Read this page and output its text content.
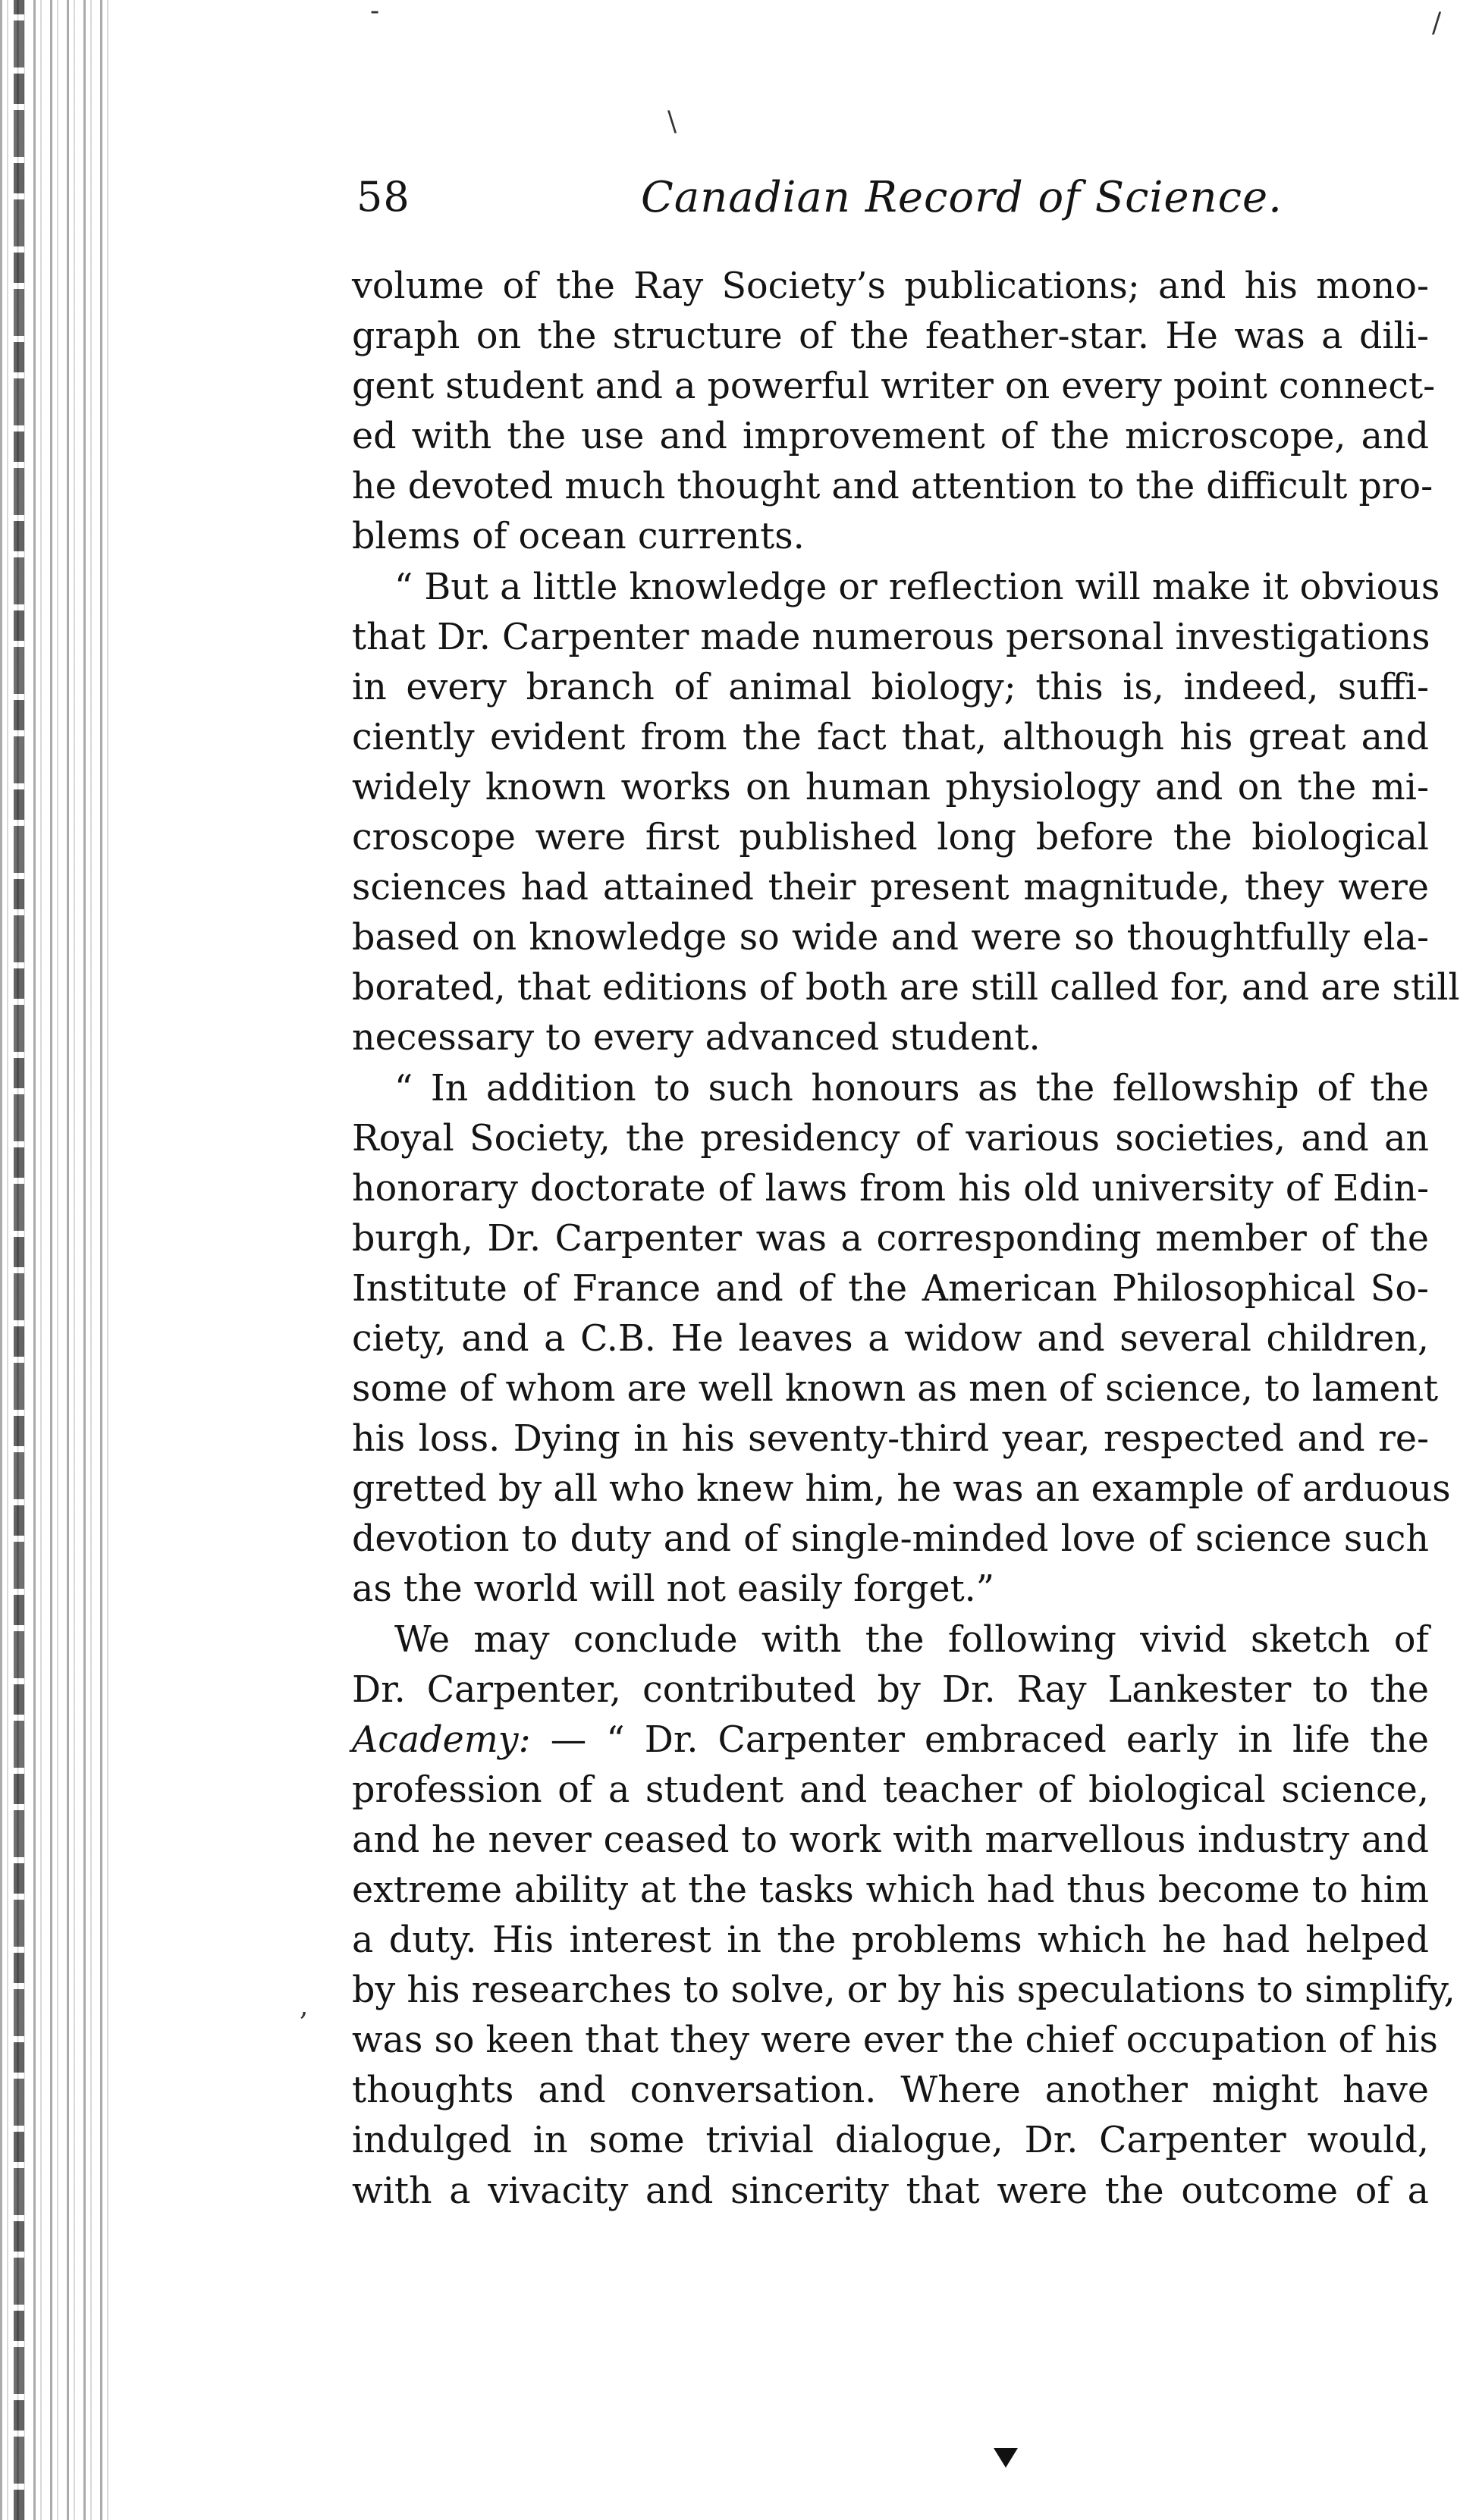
-	/
\
,
58	Canadian Record of Science.
volume of the Ray Society’s publications; and his mono-
graph on the structure of the feather-star. He was a dili-
gent student and a powerful writer on every point connect-
ed with the use and improvement of the microscope, and
he devoted much thought and attention to the difficult pro-
blems of ocean currents.
“ But a little knowledge or reflection will make it obvious
that Dr. Carpenter made numerous personal investigations
in every branch of animal biology; this is, indeed, suffi-
ciently evident from the fact that, although his great and
widely known works on human physiology and on the mi-
croscope were first published long before the biological
sciences had attained their present magnitude, they were
based on knowledge so wide and were so thoughtfully ela-
borated, that editions of both are still called for, and are still
necessary to every advanced student.
“ In addition to such honours as the fellowship of the
Royal Society, the presidency of various societies, and an
honorary doctorate of laws from his old university of Edin-
burgh, Dr. Carpenter was a corresponding member of the
Institute of France and of the American Philosophical So-
ciety, and a C.B. He leaves a widow and several children,
some of whom are well known as men of science, to lament
his loss. Dying in his seventy-third year, respected and re-
gretted by all who knew him, he was an example of arduous
devotion to duty and of single-minded love of science such
as the world will not easily forget.”
We may conclude with the following vivid sketch of
Dr. Carpenter, contributed by Dr. Ray Lankester to the
Academy: — “ Dr. Carpenter embraced early in life the
profession of a student and teacher of biological science,
and he never ceased to work with marvellous industry and
extreme ability at the tasks which had thus become to him
a duty. His interest in the problems which he had helped
by his researches to solve, or by his speculations to simplify,
was so keen that they were ever the chief occupation of his
thoughts and conversation. Where another might have
indulged in some trivial dialogue, Dr. Carpenter would,
with a vivacity and sincerity that were the outcome of a
